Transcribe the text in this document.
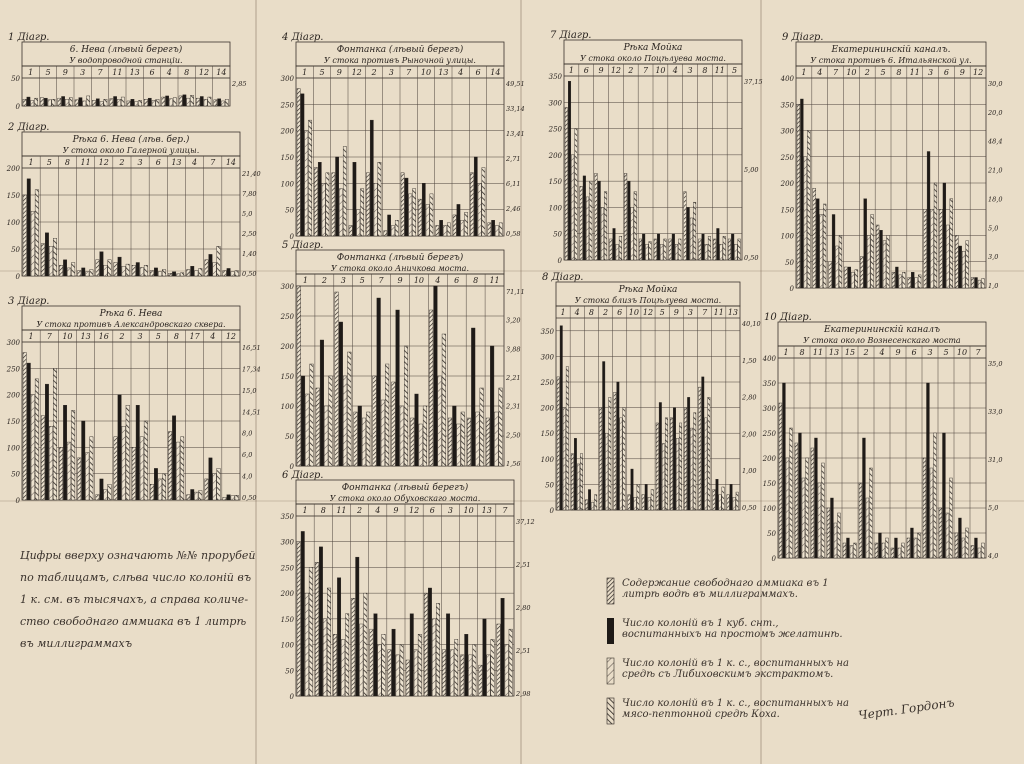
1 Діагр.
6. Нева (лѣвый берегъ)
У водопроводной станціи.
0
50
1 5 9 3 7 11 13 6 4 8 12 14
2,85
2 Діагр.
Рѣка 6. Нева (лѣв. бер.)
У стока около Галерной улицы.
0
50
100
150
200
1 5 8 11 12 2 3 6 13 4 7 14
21,40
7,80
5,0
2,50
1,40
0,50
3 Діагр.
Рѣка 6. Нева
У стока противъ Александровскаго сквера.
0
50
100
150
200
250
300
1 7 10 13 16 2 3 5 8 17 4 12
16,51
17,34
15,0
14,51
8,0
6,0
4,0
0,50
4 Діагр.
Фонтанка (лѣвый берегъ)
У стока противъ Рыночной улицы.
0
50
100
150
200
250
300
1 5 9 12 2 3 7 10 13 4 6 14
49,51
33,14
13,41
2,71
6,11
2,46
0,58
5 Діагр.
Фонтанка (лѣвый берегъ)
У стока около Аничкова моста.
0
50
100
150
200
250
300
1 2 3 5 7 9 10 4 6 8 11
71,11
3,20
3,88
2,21
2,31
2,50
1,56
6 Діагр.
Фонтанка (лѣвый берегъ)
У стока около Обуховскаго моста.
0
50
100
150
200
250
300
350
1 8 11 2 4 9 12 6 3 10 13 7
37,12
2,51
2,80
2,51
2,98
7 Діагр.
Рѣка Мойка
У стока около Поцѣлуева моста.
0
50
100
150
200
250
300
350
1 6 9 12 2 7 10 4 3 8 11 5
37,15
5,00
0,50
8 Діагр.
Рѣка Мойка
У стока близъ Поцѣлуева моста.
0
50
100
150
200
250
300
350
1 4 8 2 6 10 12 5 9 3 7 11 13
40,10
1,50
2,80
2,00
1,00
0,50
9 Діагр.
Екатерининскій каналъ.
У стока противъ 6. Итальянской ул.
0
50
100
150
200
250
300
350
400
1 4 7 10 2 5 8 11 3 6 9 12
30,0
20,0
48,4
21,0
18,0
5,0
3,0
1,0
10 Діагр.
Екатерининскій каналъ
У стока около Вознесенскаго моста
0
50
100
150
200
250
300
350
400
1 8 11 13 15 2 4 9 6 3 5 10 7
35,0
33,0
31,0
5,0
4,0
Цифры вверху означають №№ прорубей
по таблицамъ, слѣва число колоній въ
1 к. см. въ тысячахъ, а справа количе-
ство свободнаго аммиака въ 1 литрѣ
въ миллиграммахъ
Содержание свободнаго аммиака въ 1 литрѣ водѣ въ миллиграммахъ.
Число колоній въ 1 куб. снт., воспитанныхъ на простомъ желатинѣ.
Число колоній въ 1 к. с., воспитанныхъ на средѣ съ Либиховскимъ экстрактомъ.
Число колоній въ 1 к. с., воспитанныхъ на мясо-пептонной средѣ Коха.	Черт. Гордонъ
